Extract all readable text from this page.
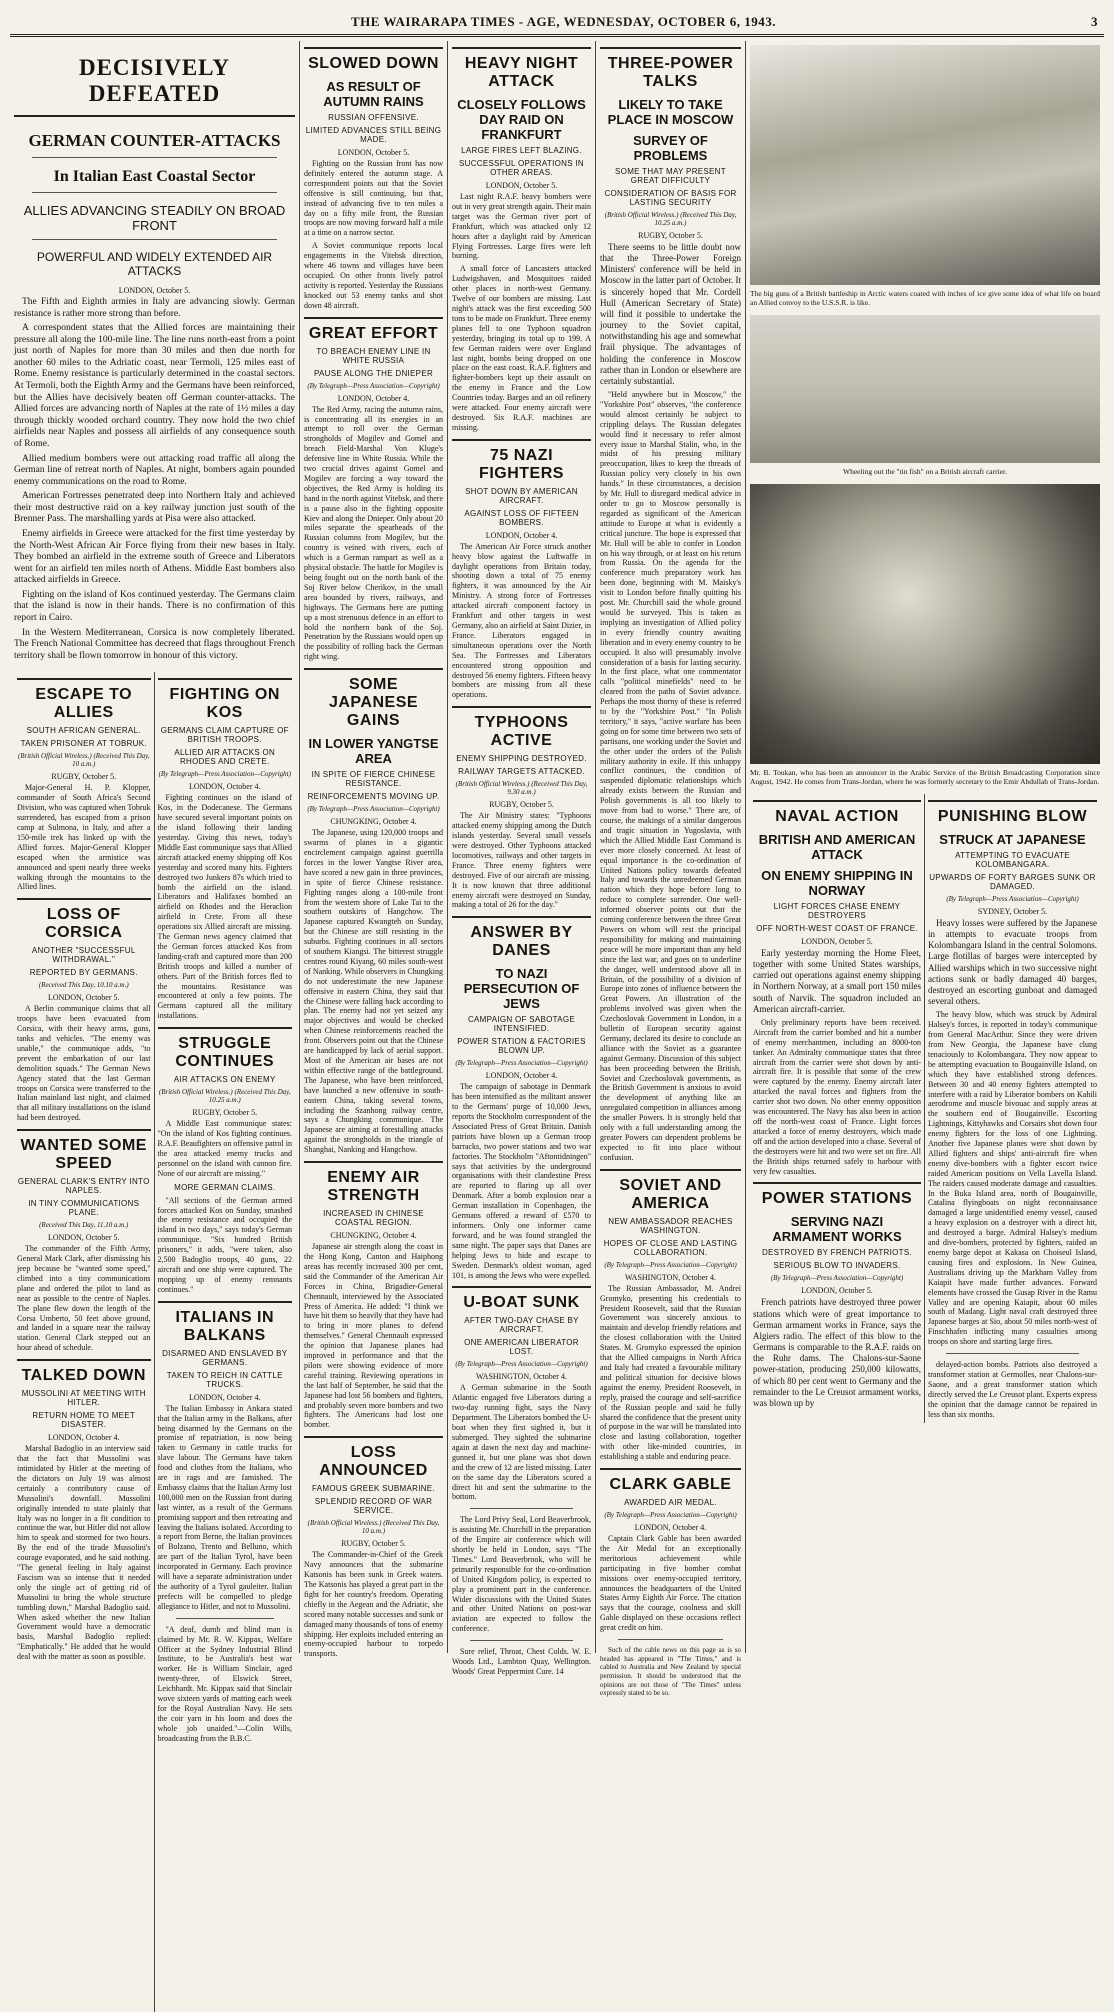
THE WAIRARAPA TIMES - AGE, WEDNESDAY, OCTOBER 6, 1943.	3
DECISIVELY DEFEATED
GERMAN COUNTER-ATTACKS
In Italian East Coastal Sector
ALLIES ADVANCING STEADILY ON BROAD FRONT
POWERFUL AND WIDELY EXTENDED AIR ATTACKS
LONDON, October 5.

The Fifth and Eighth armies in Italy are advancing slowly. German resistance is rather more strong than before.

A correspondent states that the Allied forces are maintaining their pressure all along the 100-mile line. The line runs north-east from a point just north of Naples for more than 30 miles and then due north for another 60 miles to the Adriatic coast, near Termoli, 125 miles east of Rome. Enemy resistance is particularly determined in the coastal sectors. At Termoli, both the Eighth Army and the Germans have been reinforced, but the Allies have decisively beaten off German counter-attacks. The Allied forces are advancing north of Naples at the rate of 1½ miles a day through thickly wooded orchard country. They now hold the two chief airfields near Naples and possess all airfields of any consequence south of Rome.

Allied medium bombers were out attacking road traffic all along the German line of retreat north of Naples. At night, bombers again pounded enemy communications on the road to Rome.

American Fortresses penetrated deep into Northern Italy and achieved their most destructive raid on a key railway junction just south of the Brenner Pass. The marshalling yards at Pisa were also attacked.

Enemy airfields in Greece were attacked for the first time yesterday by the North-West African Air Force flying from their new bases in Italy. They bombed an airfield in the extreme south of Greece and Liberators went for an airfield ten miles north of Athens. Middle East bombers also attacked airfields in Greece.

Fighting on the island of Kos continued yesterday. The Germans claim that the island is now in their hands. There is no confirmation of this report in Cairo.

In the Western Mediterranean, Corsica is now completely liberated. The French National Committee has decreed that flags throughout French territory shall be flown tomorrow in honour of this victory.

ESCAPE TO ALLIES
SOUTH AFRICAN GENERAL.
TAKEN PRISONER AT TOBRUK.
(British Official Wireless.) (Received This Day, 10 a.m.)
RUGBY, October 5.

Major-General H. P. Klopper, commander of South Africa's Second Division, who was captured when Tobruk surrendered, has escaped from a prison camp at Sulmona, in Italy, and after a 150-mile trek has linked up with the Allied forces. Major-General Klopper escaped when the armistice was announced and spent nearly three weeks walking through the mountains to the Allied lines.

LOSS OF CORSICA
ANOTHER "SUCCESSFUL WITHDRAWAL."
REPORTED BY GERMANS.
(Received This Day, 10.10 a.m.)
LONDON, October 5.

A Berlin communique claims that all troops have been evacuated from Corsica, with their heavy arms, guns, tanks and vehicles. "The enemy was unable," the communique adds, "to prevent the embarkation of our last demolition squads." The German News Agency stated that the last German troops on Corsica were transferred to the Italian mainland last night, and claimed that all military installations on the island had been destroyed.

WANTED SOME SPEED
GENERAL CLARK'S ENTRY INTO NAPLES.
IN TINY COMMUNICATIONS PLANE.
(Received This Day, 11.10 a.m.)
LONDON, October 5.

The commander of the Fifth Army, General Mark Clark, after dismissing his jeep because he "wanted some speed," climbed into a tiny communications plane and ordered the pilot to land as near as possible to the centre of Naples. The plane flew down the length of the Corsa Umberto, 50 feet above ground, and landed in a square near the railway station. General Clark stepped out an hour ahead of schedule.

TALKED DOWN
MUSSOLINI AT MEETING WITH HITLER.
RETURN HOME TO MEET DISASTER.
LONDON, October 4.

Marshal Badoglio in an interview said that the fact that Mussolini was intimidated by Hitler at the meeting of the dictators on July 19 was almost certainly a contributory cause of Mussolini's downfall. Mussolini originally intended to state plainly that Italy was no longer in a fit condition to continue the war, but Hitler did not allow him to speak and stormed for two hours. By the end of the tirade Mussolini's courage evaporated, and he said nothing. "The general feeling in Italy against Fascism was so intense that it needed only the single act of getting rid of Mussolini to bring the whole structure tumbling down," Marshal Badoglio said. When asked whether the new Italian Government would have a democratic basis, Marshal Badoglio replied: "Emphatically." He added that he would deal with the matter as soon as possible.

FIGHTING ON KOS
GERMANS CLAIM CAPTURE OF BRITISH TROOPS.
ALLIED AIR ATTACKS ON RHODES AND CRETE.
(By Telegraph—Press Association—Copyright)
LONDON, October 4.

Fighting continues on the island of Kos, in the Dodecanese. The Germans have secured several important points on the island following their landing yesterday. Giving this news, today's Middle East communique says that Allied aircraft attacked enemy shipping off Kos yesterday and scored many hits. Fighters destroyed two Junkers 87s which tried to bomb the airfield on the island. Liberators and Halifaxes bombed an airfield on Rhodes and the Heraclion airfield in Crete. From all these operations six Allied aircraft are missing. The German news agency claimed that the German forces attacked Kos from landing-craft and captured more than 200 British troops and killed a number of others. Part of the British forces fled to the mountains. Resistance was encountered at only a few points. The Germans captured all the military installations.

STRUGGLE CONTINUES
AIR ATTACKS ON ENEMY
(British Official Wireless.) (Received This Day, 10.25 a.m.)
RUGBY, October 5.

A Middle East communique states: "On the island of Kos fighting continues. R.A.F. Beaufighters on offensive patrol in the area attacked enemy trucks and personnel on the island with cannon fire. None of our aircraft are missing."

MORE GERMAN CLAIMS.

"All sections of the German armed forces attacked Kos on Sunday, smashed the enemy resistance and occupied the island in two days," says today's German communique. "Six hundred British prisoners," it adds, "were taken, also 2,500 Badoglio troops, 40 guns, 22 aircraft and one ship were captured. The mopping up of enemy remnants continues."

ITALIANS IN BALKANS
DISARMED AND ENSLAVED BY GERMANS.
TAKEN TO REICH IN CATTLE TRUCKS.
LONDON, October 4.

The Italian Embassy in Ankara stated that the Italian army in the Balkans, after being disarmed by the Germans on the promise of repatriation, is now being taken to Germany in cattle trucks for slave labour. The Germans have taken food and clothes from the Italians, who are in rags and are famished. The Embassy claims that the Italian Army lost 100,000 men on the Russian front during last winter, as a result of the Germans promising support and then retreating and leaving the Italians isolated. According to a report from Berne, the Italian provinces of Bolzano, Trento and Belluno, which are part of the Italian Tyrol, have been incorporated in Germany. Each province will have a separate administration under the authority of a Tyrol gauleiter. Italian prefects will be compelled to pledge allegiance to Hitler, and not to Mussolini.

"A deaf, dumb and blind man is claimed by Mr. R. W. Kippax, Welfare Officer at the Sydney Industrial Blind Institute, to be Australia's best war worker. He is William Sinclair, aged twenty-three, of Elswick Street, Leichhardt. Mr. Kippax said that Sinclair wove sixteen yards of matting each week for the Royal Australian Navy. He sets the coir yarn in his loom and does the whole job unaided."—Colin Wills, broadcasting from the B.B.C.

SLOWED DOWN
AS RESULT OF AUTUMN RAINS
RUSSIAN OFFENSIVE.
LIMITED ADVANCES STILL BEING MADE.
LONDON, October 5.

Fighting on the Russian front has now definitely entered the autumn stage. A correspondent points out that the Soviet offensive is still continuing, but that, instead of advancing five to ten miles a day on a fifty mile front, the Russian troops are now moving forward half a mile at a time on a narrow sector.

A Soviet communique reports local engagements in the Vitebsk direction, where 46 towns and villages have been occupied. On other fronts lively patrol activity is reported. Yesterday the Russians knocked out 53 enemy tanks and shot down 48 aircraft.

GREAT EFFORT
TO BREACH ENEMY LINE IN WHITE RUSSIA
PAUSE ALONG THE DNIEPER
(By Telegraph—Press Association—Copyright)
LONDON, October 4.

The Red Army, racing the autumn rains, is concentrating all its energies in an attempt to roll over the German strongholds of Mogilev and Gomel and breach Field-Marshal Von Kluge's defensive line in White Russia. While the two crucial drives against Gomel and Mogilev are forcing a way toward the objectives, the Red Army is holding its hand in the north against Vitebsk, and there is a pause also in the fighting opposite Kiev and along the Dnieper. Only about 20 miles separate the spearheads of the Russian columns from Mogilev, but the country is veined with rivers, each of which is a German rampart as well as a physical obstacle. The battle for Mogilev is being fought out on the north bank of the Soj River below Cherikov, in the small area bounded by rivers, railways, and highways. The Germans here are putting up a most strenuous defence in an effort to hold the northern bank of the Soj. Penetration by the Russians would open up the possibility of rolling back the German right wing.

SOME JAPANESE GAINS
IN LOWER YANGTSE AREA
IN SPITE OF FIERCE CHINESE RESISTANCE.
REINFORCEMENTS MOVING UP.
(By Telegraph—Press Association—Copyright)
CHUNGKING, October 4.

The Japanese, using 120,000 troops and swarms of planes in a gigantic encirclement campaign against guerrilla forces in the lower Yangtse River area, have scored a new gain in three provinces, in spite of fierce Chinese resistance. Fighting ranges along a 100-mile front from the western shore of Lake Tai to the southern outskirts of Hangchow. The Japanese captured Kwangteh on Sunday, but the Chinese are still resisting in the suburbs. Fighting continues in all sectors of southern Kiangsi. The bitterest struggle centres round Kiyang, 60 miles south-west of Nanking. While observers in Chungking do not underestimate the new Japanese offensive in eastern China, they said that the Chinese were falling back according to plan. The enemy had not yet seized any major objectives and would be checked when Chinese reinforcements reached the front. Observers point out that the Chinese are handicapped by lack of aerial support. Most of the American air bases are not within effective range of the battleground. The Japanese, who have been reinforced, have launched a new offensive in south-eastern China, taking several towns, including the Szanhong railway centre, says a Chungking communique. The Japanese are aiming at forestalling attacks against the strongholds in the triangle of Shanghai, Nanking and Hangchow.

ENEMY AIR STRENGTH
INCREASED IN CHINESE COASTAL REGION.
CHUNGKING, October 4.

Japanese air strength along the coast in the Hong Kong, Canton and Haiphong areas has recently increased 300 per cent, said the Commander of the American Air Forces in China, Brigadier-General Chennault, interviewed by the Associated Press of America. He added: "I think we have hit them so heavily that they have had to bring in more planes to defend themselves." General Chennault expressed the opinion that Japanese planes had improved in performance and that the pilots were showing evidence of more careful training. Reviewing operations in the last half of September, he said that the Japanese had lost 56 bombers and fighters, and probably seven more bombers and two fighters. The Americans had lost one bomber.

LOSS ANNOUNCED
FAMOUS GREEK SUBMARINE.
SPLENDID RECORD OF WAR SERVICE.
(British Official Wireless.) (Received This Day, 10 a.m.)
RUGBY, October 5.

The Commander-in-Chief of the Greek Navy announces that the submarine Katsonis has been sunk in Greek waters. The Katsonis has played a great part in the fight for her country's freedom. Operating chiefly in the Aegean and the Adriatic, she scored many notable successes and sunk or damaged many thousands of tons of enemy shipping. Her exploits included entering an enemy-occupied harbour to torpedo transports.

HEAVY NIGHT ATTACK
CLOSELY FOLLOWS DAY RAID ON FRANKFURT
LARGE FIRES LEFT BLAZING.
SUCCESSFUL OPERATIONS IN OTHER AREAS.
LONDON, October 5.

Last night R.A.F. heavy bombers were out in very great strength again. Their main target was the German river port of Frankfurt, which was attacked only 12 hours after a daylight raid by American Flying Fortresses. Large fires were left burning.

A small force of Lancasters attacked Ludwigshaven, and Mosquitoes raided other places in north-west Germany. Twelve of our bombers are missing. Last night's attack was the first exceeding 500 tons to be made on Frankfurt. Three enemy planes fell to one Typhoon squadron yesterday, bringing its total up to 199. A few German raiders were over England last night, bombs being dropped on one place on the east coast. R.A.F. fighters and fighter-bombers kept up their assault on the enemy in France and the Low Countries today. Barges and an oil refinery were attacked. Four enemy aircraft were destroyed. Six R.A.F. machines are missing.

75 NAZI FIGHTERS
SHOT DOWN BY AMERICAN AIRCRAFT.
AGAINST LOSS OF FIFTEEN BOMBERS.
LONDON, October 4.

The American Air Force struck another heavy blow against the Luftwaffe in daylight operations from Britain today, shooting down a total of 75 enemy fighters, it was announced by the Air Ministry. A strong force of Fortresses attacked aircraft component factory in Frankfurt and other targets in west Germany, also an airfield at Saint Dizier, in France. Liberators engaged in simultaneous operations over the North Sea. The Fortresses and Liberators encountered strong opposition and destroyed 56 enemy fighters. Fifteen heavy bombers are missing from all these operations.

TYPHOONS ACTIVE
ENEMY SHIPPING DESTROYED.
RAILWAY TARGETS ATTACKED.
(British Official Wireless.) (Received This Day, 9.30 a.m.)
RUGBY, October 5.

The Air Ministry states: "Typhoons attacked enemy shipping among the Dutch islands yesterday. Several small vessels were destroyed. Other Typhoons attacked locomotives, railways and other targets in France. Three enemy fighters were destroyed. Five of our aircraft are missing. It is now known that three additional enemy aircraft were destroyed on Sunday, making a total of 26 for the day."

ANSWER BY DANES
TO NAZI PERSECUTION OF JEWS
CAMPAIGN OF SABOTAGE INTENSIFIED.
POWER STATION & FACTORIES BLOWN UP.
(By Telegraph—Press Association—Copyright)
LONDON, October 4.

The campaign of sabotage in Denmark has been intensified as the militant answer to the Germans' purge of 10,000 Jews, reports the Stockholm correspondent of the Associated Press of Great Britain. Danish patriots have blown up a German troop barracks, two power stations and two war factories. The Stockholm "Aftontidningen" says that activities by the underground organisations with their clandestine Press are reported to flaring up all over Denmark. After a bomb explosion near a German installation in Copenhagen, the Germans offered a reward of £570 to informers. Only one informer came forward, and he was found strangled the same night. The paper says that Danes are helping Jews to hide and escape to Sweden. Denmark's oldest woman, aged 101, is among the Jews who were expelled.

U-BOAT SUNK
AFTER TWO-DAY CHASE BY AIRCRAFT.
ONE AMERICAN LIBERATOR LOST.
(By Telegraph—Press Association—Copyright)
WASHINGTON, October 4.

A German submarine in the South Atlantic engaged five Liberators during a two-day running fight, says the Navy Department. The Liberators bombed the U-boat when they first sighted it, but it submerged. They sighted the submarine again at dawn the next day and machine-gunned it, but one plane was shot down and the crew of 12 are listed missing. Later on the same day the Liberators scored a direct hit and sent the submarine to the bottom.

The Lord Privy Seal, Lord Beaverbrook, is assisting Mr. Churchill in the preparation of the Empire air conference which will shortly be held in London, says "The Times." Lord Beaverbrook, who will be primarily responsible for the co-ordination of United Kingdom policy, is expected to play a prominent part in the conference. Wider discussions with the United States and other United Nations on post-war aviation are expected to follow the conference.

Sure relief, Throat, Chest Colds. W. E. Woods Ltd., Lambton Quay, Wellington. Woods' Great Peppermint Cure. 14

THREE-POWER TALKS
LIKELY TO TAKE PLACE IN MOSCOW
SURVEY OF PROBLEMS
SOME THAT MAY PRESENT GREAT DIFFICULTY
CONSIDERATION OF BASIS FOR LASTING SECURITY
(British Official Wireless.) (Received This Day, 10.25 a.m.)
RUGBY, October 5.

There seems to be little doubt now that the Three-Power Foreign Ministers' conference will be held in Moscow in the latter part of October. It is sincerely hoped that Mr. Cordell Hull (American Secretary of State) will find it possible to undertake the journey to the Soviet capital, notwithstanding his age and somewhat frail physique. The advantages of holding the conference in Moscow rather than in London or elsewhere are certainly substantial.

"Held anywhere but in Moscow," the "Yorkshire Post" observes, "the conference would almost certainly be subject to crippling delays. The Russian delegates would find it necessary to refer almost every issue to Marshal Stalin, who, in the midst of his pressing military preoccupation, likes to keep the threads of Russian policy very closely in his own hands." In these circumstances, a decision by Mr. Hull to disregard medical advice in order to go to Moscow personally is regarded as significant of the American attitude to Europe at what is evidently a critical juncture. The hope is expressed that Mr. Hull will be able to confer in London on his way through, or at least on his return from Russia. On the agenda for the conference much preparatory work has been done, beginning with M. Maisky's visit to London before finally quitting his post. Mr. Churchill said the whole ground would be surveyed. This is taken as implying an investigation of Allied policy in every friendly country awaiting liberation and in every enemy country to be occupied. It also will presumably involve consideration of a basis for lasting security. In the first place, what one commentator calls "political minefields" need to be cleared from the paths of Soviet advance. Perhaps the most thorny of these is referred to by the "Yorkshire Post." "In Polish territory," it says, "active warfare has been going on for some time between two sets of partisans, one working under the Soviet and the other under the orders of the Polish military authority in exile. If this unhappy conflict continues, the condition of suspended diplomatic relationships which already exists between the Russian and Polish governments is all too likely to move from bad to worse." There are, of course, the makings of a similar dangerous and tragic situation in Yugoslavia, with which the Allied Middle East Command is ever more closely concerned. At least of equal importance is the co-ordination of United Nations policy towards defeated Italy and towards the unredeemed German nation which they hope before long to reduce to complete surrender. One well-informed observer points out that the coming conference between the three Great Powers on whom will rest the principal responsibility for making and maintaining peace will be more important than any held since the last war, and goes on to underline the danger, well understood above all in Britain, of the possibility of a division of Europe into zones of influence between the Great Powers. An illustration of the problems involved was given when the Czechoslovak Government in London, in a bulletin of European security against Germany, declared its desire to conclude an alliance with the Soviet as a guarantee against Germany. Discussion of this subject has been proceeding between the British, Soviet and Czechoslovak governments, as the British Government is anxious to avoid the development of anything like an unregulated competition in alliances among the smaller Powers. It is strongly held that only with a full understanding among the greater Powers can dependent problems be expected to fit into place without confusion.

SOVIET AND AMERICA
NEW AMBASSADOR REACHES WASHINGTON.
HOPES OF CLOSE AND LASTING COLLABORATION.
(By Telegraph—Press Association—Copyright)
WASHINGTON, October 4.

The Russian Ambassador, M. Andrei Gromyko, presenting his credentials to President Roosevelt, said that the Russian Government was sincerely anxious to maintain and develop friendly relations and the closest collaboration with the United States. M. Gromyko expressed the opinion that the Allied campaigns in North Africa and Italy had created a favourable military and political situation for decisive blows against the enemy. President Roosevelt, in reply, praised the courage and self-sacrifice of the Russian people and said he fully shared the confidence that the present unity of purpose in the war will be translated into close and lasting collaboration, together with other like-minded countries, in establishing a stable and enduring peace.

CLARK GABLE
AWARDED AIR MEDAL.
(By Telegraph—Press Association—Copyright)
LONDON, October 4.

Captain Clark Gable has been awarded the Air Medal for an exceptionally meritorious achievement while participating in five bomber combat missions over enemy-occupied territory, announces the headquarters of the United States Army Eighth Air Force. The citation says that the courage, coolness and skill Gable displayed on these occasions reflect great credit on him.

Such of the cable news on this page as is so headed has appeared in "The Times," and is cabled to Australia and New Zealand by special permission. It should be understood that the opinions are not those of "The Times" unless expressly stated to be so.

The big guns of a British battleship in Arctic waters coated with inches of ice give some idea of what life on board an Allied convoy to the U.S.S.R. is like.
Wheeling out the "tin fish" on a British aircraft carrier.
Mr. B. Toukan, who has been an announcer in the Arabic Service of the British Broadcasting Corporation since August, 1942. He comes from Trans-Jordan, where he was formerly secretary to the Emir Abdullah of Trans-Jordan.
NAVAL ACTION
BRITISH AND AMERICAN ATTACK
ON ENEMY SHIPPING IN NORWAY
LIGHT FORCES CHASE ENEMY DESTROYERS
OFF NORTH-WEST COAST OF FRANCE.
LONDON, October 5.

Early yesterday morning the Home Fleet, together with some United States warships, carried out operations against enemy shipping in Northern Norway, at a small port 150 miles south of Narvik. The squadron included an American aircraft-carrier.

Only preliminary reports have been received. Aircraft from the carrier bombed and hit a number of enemy merchantmen, including an 8000-ton tanker. An Admiralty communique states that three aircraft from the carrier were shot down by anti-aircraft fire. It is possible that some of the crew were captured by the enemy. Enemy aircraft later attacked the naval forces and fighters from the carrier shot two down. No other enemy opposition was encountered. The Navy has also been in action off the north-west coast of France. Light forces attacked a force of enemy destroyers, which made off and the action developed into a chase. Several of the destroyers were hit and two were set on fire. All the British ships returned safely to harbour with very few casualties.

POWER STATIONS
SERVING NAZI ARMAMENT WORKS
DESTROYED BY FRENCH PATRIOTS.
SERIOUS BLOW TO INVADERS.
(By Telegraph—Press Association—Copyright)
LONDON, October 5.

French patriots have destroyed three power stations which were of great importance to German armament works in France, says the Algiers radio. The effect of this blow to the Germans is comparable to the R.A.F. raids on the Ruhr dams. The Chalons-sur-Saone power-station, producing 250,000 kilowatts, of which 80 per cent went to Germany and the remainder to the Le Creusot armament works, was blown up by

PUNISHING BLOW
STRUCK AT JAPANESE
ATTEMPTING TO EVACUATE KOLOMBANGARA.
UPWARDS OF FORTY BARGES SUNK OR DAMAGED.
(By Telegraph—Press Association—Copyright)
SYDNEY, October 5.

Heavy losses were suffered by the Japanese in attempts to evacuate troops from Kolombangara Island in the central Solomons. Large flotillas of barges were intercepted by Allied warships which in two successive night actions sunk or badly damaged 40 barges, destroyed an escorting gunboat and damaged several others.

The heavy blow, which was struck by Admiral Halsey's forces, is reported in today's communique from General MacArthur. Since they were driven from New Georgia, the Japanese have clung tenaciously to Kolombangara. They now appear to be attempting evacuation to Bougainville Island, on which they have established strong defences. Between 30 and 40 enemy fighters attempted to interfere with a raid by Liberator bombers on Kahili aerodrome and muscle bivouac and supply areas at the southern end of Bougainville. Escorting Lightnings, Kittyhawks and Corsairs shot down four enemy fighters for the loss of one Lightning. Another five Japanese planes were shot down by Allied fighters and ships' anti-aircraft fire when enemy dive-bombers with a fighter escort twice raided American positions on Vella Lavella Island. The raiders caused moderate damage and casualties. In the Buka Island area, north of Bougainville, Catalina flyingboats on night reconnaissance damaged a large unidentified enemy vessel, caused a heavy explosion on a destroyer with a direct hit, and destroyed a barge. Admiral Halsey's medium and dive-bombers, protected by fighters, raided an enemy barge depot at Kakasa on Choiseul Island, causing fires and explosions. In New Guinea, Australians driving up the Markham Valley from Kaiapit have made further advances. Forward elements have crossed the Gusap River in the Ramu Valley and are opening Kaiapit, about 60 miles south of Madang. Light naval craft destroyed three Japanese barges at Sio, about 50 miles north-west of Finschhafen inflicting many casualties among troops on shore and starting large fires.

delayed-action bombs. Patriots also destroyed a transformer station at Germolles, near Chalons-sur-Saone, and a great transformer station which directly served the Le Creusot plant. Experts express the opinion that the damage cannot be repaired in less than six months.
